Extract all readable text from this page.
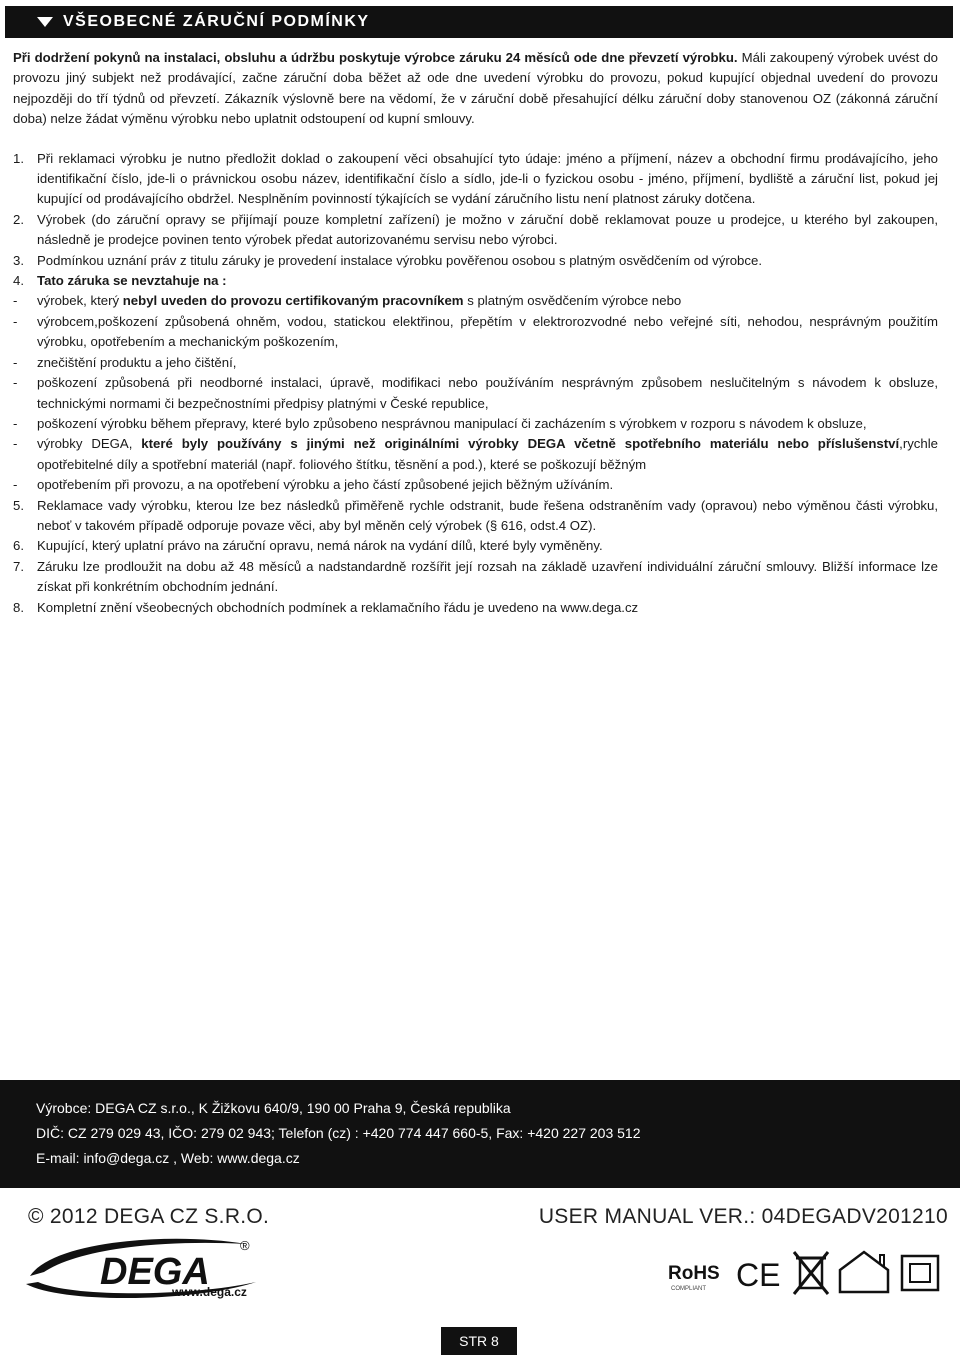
VŠEOBECNÉ ZÁRUČNÍ PODMÍNKY

Při dodržení pokynů na instalaci, obsluhu a údržbu poskytuje výrobce záruku 24 měsíců ode dne převzetí výrobku. Máli zakoupený výrobek uvést do provozu jiný subjekt než prodávající, začne záruční doba běžet až ode dne uvedení výrobku do provozu, pokud kupující objednal uvedení do provozu nejpozději do tří týdnů od převzetí. Zákazník výslovně bere na vědomí, že v záruční době přesahující délku záruční doby stanovenou OZ (zákonná záruční doba) nelze žádat výměnu výrobku nebo uplatnit odstoupení od kupní smlouvy.

1. Při reklamaci výrobku je nutno předložit doklad o zakoupení věci obsahující tyto údaje: jméno a příjmení, název a obchodní firmu prodávajícího, jeho identifikační číslo, jde-li o právnickou osobu název, identifikační číslo a sídlo, jde-li o fyzickou osobu - jméno, příjmení, bydliště a záruční list, pokud jej kupující od prodávajícího obdržel. Nesplněním povinností týkajících se vydání záručního listu není platnost záruky dotčena.
2. Výrobek (do záruční opravy se přijímají pouze kompletní zařízení) je možno v záruční době reklamovat pouze u prodejce, u kterého byl zakoupen, následně je prodejce povinen tento výrobek předat autorizovanému servisu nebo výrobci.
3. Podmínkou uznání práv z titulu záruky je provedení instalace výrobku pověřenou osobou s platným osvědčením od výrobce.
4. Tato záruka se nevztahuje na :
-	výrobek, který nebyl uveden do provozu certifikovaným pracovníkem s platným osvědčením výrobce nebo
-	výrobcem,poškození způsobená ohněm, vodou, statickou elektřinou, přepětím v elektrorozvodné nebo veřejné síti, nehodou, nesprávným použitím výrobku, opotřebením a mechanickým poškozením,
-	znečištění produktu a jeho čištění,
-	poškození způsobená při neodborné instalaci, úpravě, modifikaci nebo používáním nesprávným způsobem neslučitelným s návodem k obsluze, technickými normami či bezpečnostními předpisy platnými v České republice,
-	poškození výrobku během přepravy, které bylo způsobeno nesprávnou manipulací či zacházením s výrobkem v rozporu s návodem k obsluze,
-	výrobky DEGA, které byly používány s jinými než originálními výrobky DEGA včetně spotřebního materiálu nebo příslušenství,rychle opotřebitelné díly a spotřební materiál (např. foliového štítku, těsnění a pod.), které se poškozují běžným
-	opotřebením při provozu, a na opotřebení výrobku a jeho částí způsobené jejich běžným užíváním.
5. Reklamace vady výrobku, kterou lze bez následků přiměřeně rychle odstranit, bude řešena odstraněním vady (opravou) nebo výměnou části výrobku, neboť v takovém případě odporuje povaze věci, aby byl měněn celý výrobek (§ 616, odst.4 OZ).
6. Kupující, který uplatní právo na záruční opravu, nemá nárok na vydání dílů, které byly vyměněny.
7. Záruku lze prodloužit na dobu až 48 měsíců a nadstandardně rozšířit její rozsah na základě uzavření individuální záruční smlouvy. Bližší informace lze získat při konkrétním obchodním jednání.
8. Kompletní znění všeobecných obchodních podmínek a reklamačního řádu je uvedeno na www.dega.cz
Výrobce: DEGA CZ s.r.o., K Žižkovu 640/9, 190 00 Praha 9, Česká republika
DIČ: CZ 279 029 43, IČO: 279 02 943; Telefon (cz) : +420 774 447 660-5, Fax: +420 227 203 512
E-mail: info@dega.cz , Web: www.dega.cz
© 2012 DEGA CZ S.R.O.	USER MANUAL VER.: 04DEGADV201210
DEGA
®
www.dega.cz
RoHS
COMPLIANT CE
STR 8
